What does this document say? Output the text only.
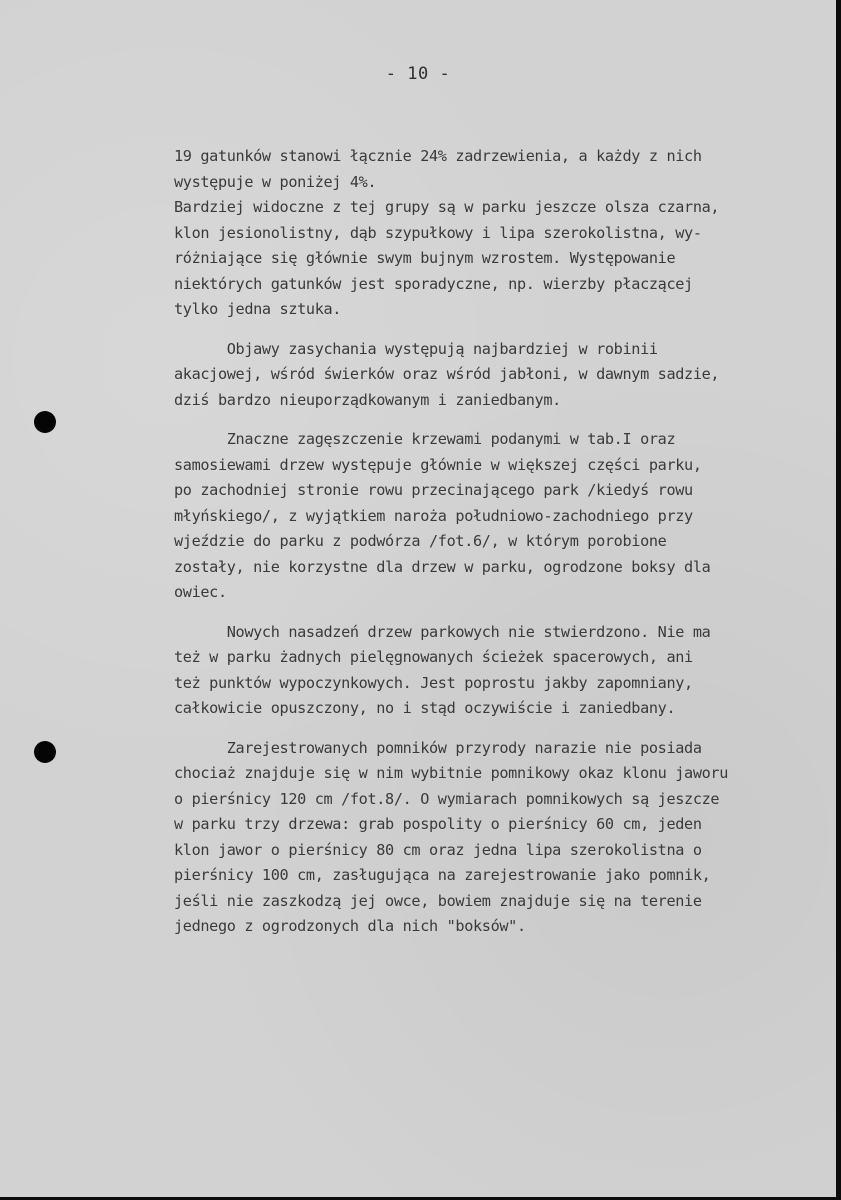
- 10 -
19 gatunków stanowi łącznie 24% zadrzewienia, a każdy z nich
występuje w poniżej 4%.
Bardziej widoczne z tej grupy są w parku jeszcze olsza czarna,
klon jesionolistny, dąb szypułkowy i lipa szerokolistna, wy-
różniające się głównie swym bujnym wzrostem. Występowanie
niektórych gatunków jest sporadyczne, np. wierzby płaczącej
tylko jedna sztuka.
Objawy zasychania występują najbardziej w robinii
akacjowej, wśród świerków oraz wśród jabłoni, w dawnym sadzie,
dziś bardzo nieuporządkowanym i zaniedbanym.
Znaczne zagęszczenie krzewami podanymi w tab.I oraz
samosiewami drzew występuje głównie w większej części parku,
po zachodniej stronie rowu przecinającego park /kiedyś rowu
młyńskiego/, z wyjątkiem naroża południowo-zachodniego przy
wjeździe do parku z podwórza /fot.6/, w którym porobione
zostały, nie korzystne dla drzew w parku, ogrodzone boksy dla
owiec.
Nowych nasadzeń drzew parkowych nie stwierdzono. Nie ma
też w parku żadnych pielęgnowanych ścieżek spacerowych, ani
też punktów wypoczynkowych. Jest poprostu jakby zapomniany,
całkowicie opuszczony, no i stąd oczywiście i zaniedbany.
Zarejestrowanych pomników przyrody narazie nie posiada
chociaż znajduje się w nim wybitnie pomnikowy okaz klonu jaworu
o pierśnicy 120 cm /fot.8/. O wymiarach pomnikowych są jeszcze
w parku trzy drzewa: grab pospolity o pierśnicy 60 cm, jeden
klon jawor o pierśnicy 80 cm oraz jedna lipa szerokolistna o
pierśnicy 100 cm, zasługująca na zarejestrowanie jako pomnik,
jeśli nie zaszkodzą jej owce, bowiem znajduje się na terenie
jednego z ogrodzonych dla nich "boksów".
